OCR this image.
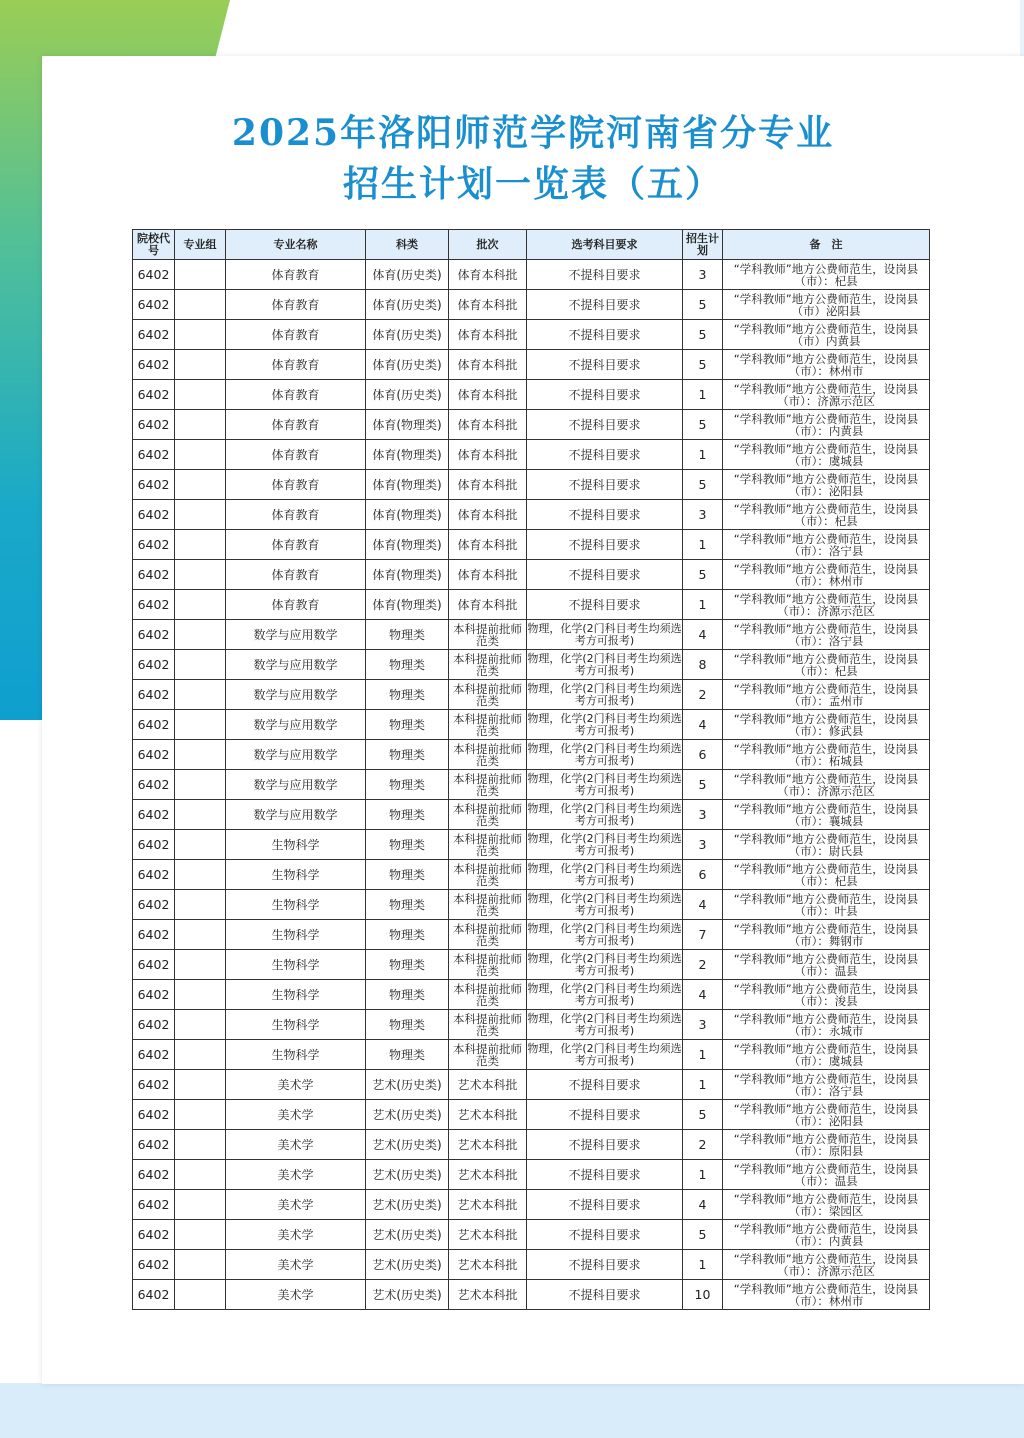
2025年洛阳师范学院河南省分专业
招生计划一览表（五）
院校代号	专业组	专业名称	科类	批次	选考科目要求	招生计划	备　注
6402		体育教育	体育(历史类)	体育本科批	不提科目要求	3	“学科教师”地方公费师范生，设岗县（市）：杞县
6402		体育教育	体育(历史类)	体育本科批	不提科目要求	5	“学科教师”地方公费师范生，设岗县（市）泌阳县
6402		体育教育	体育(历史类)	体育本科批	不提科目要求	5	“学科教师”地方公费师范生，设岗县（市）内黄县
6402		体育教育	体育(历史类)	体育本科批	不提科目要求	5	“学科教师”地方公费师范生，设岗县（市）：林州市
6402		体育教育	体育(历史类)	体育本科批	不提科目要求	1	“学科教师”地方公费师范生，设岗县（市）：济源示范区
6402		体育教育	体育(物理类)	体育本科批	不提科目要求	5	“学科教师”地方公费师范生，设岗县（市）：内黄县
6402		体育教育	体育(物理类)	体育本科批	不提科目要求	1	“学科教师”地方公费师范生，设岗县（市）：虞城县
6402		体育教育	体育(物理类)	体育本科批	不提科目要求	5	“学科教师”地方公费师范生，设岗县（市）：泌阳县
6402		体育教育	体育(物理类)	体育本科批	不提科目要求	3	“学科教师”地方公费师范生，设岗县（市）：杞县
6402		体育教育	体育(物理类)	体育本科批	不提科目要求	1	“学科教师”地方公费师范生，设岗县（市）：洛宁县
6402		体育教育	体育(物理类)	体育本科批	不提科目要求	5	“学科教师”地方公费师范生，设岗县（市）：林州市
6402		体育教育	体育(物理类)	体育本科批	不提科目要求	1	“学科教师”地方公费师范生，设岗县（市）：济源示范区
6402		数学与应用数学	物理类	本科提前批师范类	物理，化学(2门科目考生均须选考方可报考)	4	“学科教师”地方公费师范生，设岗县（市）：洛宁县
6402		数学与应用数学	物理类	本科提前批师范类	物理，化学(2门科目考生均须选考方可报考)	8	“学科教师”地方公费师范生，设岗县（市）：杞县
6402		数学与应用数学	物理类	本科提前批师范类	物理，化学(2门科目考生均须选考方可报考)	2	“学科教师”地方公费师范生，设岗县（市）：孟州市
6402		数学与应用数学	物理类	本科提前批师范类	物理，化学(2门科目考生均须选考方可报考)	4	“学科教师”地方公费师范生，设岗县（市）：修武县
6402		数学与应用数学	物理类	本科提前批师范类	物理，化学(2门科目考生均须选考方可报考)	6	“学科教师”地方公费师范生，设岗县（市）：柘城县
6402		数学与应用数学	物理类	本科提前批师范类	物理，化学(2门科目考生均须选考方可报考)	5	“学科教师”地方公费师范生，设岗县（市）：济源示范区
6402		数学与应用数学	物理类	本科提前批师范类	物理，化学(2门科目考生均须选考方可报考)	3	“学科教师”地方公费师范生，设岗县（市）：襄城县
6402		生物科学	物理类	本科提前批师范类	物理，化学(2门科目考生均须选考方可报考)	3	“学科教师”地方公费师范生，设岗县（市）：尉氏县
6402		生物科学	物理类	本科提前批师范类	物理，化学(2门科目考生均须选考方可报考)	6	“学科教师”地方公费师范生，设岗县（市）：杞县
6402		生物科学	物理类	本科提前批师范类	物理，化学(2门科目考生均须选考方可报考)	4	“学科教师”地方公费师范生，设岗县（市）：叶县
6402		生物科学	物理类	本科提前批师范类	物理，化学(2门科目考生均须选考方可报考)	7	“学科教师”地方公费师范生，设岗县（市）：舞钢市
6402		生物科学	物理类	本科提前批师范类	物理，化学(2门科目考生均须选考方可报考)	2	“学科教师”地方公费师范生，设岗县（市）：温县
6402		生物科学	物理类	本科提前批师范类	物理，化学(2门科目考生均须选考方可报考)	4	“学科教师”地方公费师范生，设岗县（市）：浚县
6402		生物科学	物理类	本科提前批师范类	物理，化学(2门科目考生均须选考方可报考)	3	“学科教师”地方公费师范生，设岗县（市）：永城市
6402		生物科学	物理类	本科提前批师范类	物理，化学(2门科目考生均须选考方可报考)	1	“学科教师”地方公费师范生，设岗县（市）：虞城县
6402		美术学	艺术(历史类)	艺术本科批	不提科目要求	1	“学科教师”地方公费师范生，设岗县（市）：洛宁县
6402		美术学	艺术(历史类)	艺术本科批	不提科目要求	5	“学科教师”地方公费师范生，设岗县（市）：泌阳县
6402		美术学	艺术(历史类)	艺术本科批	不提科目要求	2	“学科教师”地方公费师范生，设岗县（市）：原阳县
6402		美术学	艺术(历史类)	艺术本科批	不提科目要求	1	“学科教师”地方公费师范生，设岗县（市）：温县
6402		美术学	艺术(历史类)	艺术本科批	不提科目要求	4	“学科教师”地方公费师范生，设岗县（市）：梁园区
6402		美术学	艺术(历史类)	艺术本科批	不提科目要求	5	“学科教师”地方公费师范生，设岗县（市）：内黄县
6402		美术学	艺术(历史类)	艺术本科批	不提科目要求	1	“学科教师”地方公费师范生，设岗县（市）：济源示范区
6402		美术学	艺术(历史类)	艺术本科批	不提科目要求	10	“学科教师”地方公费师范生，设岗县（市）：林州市
